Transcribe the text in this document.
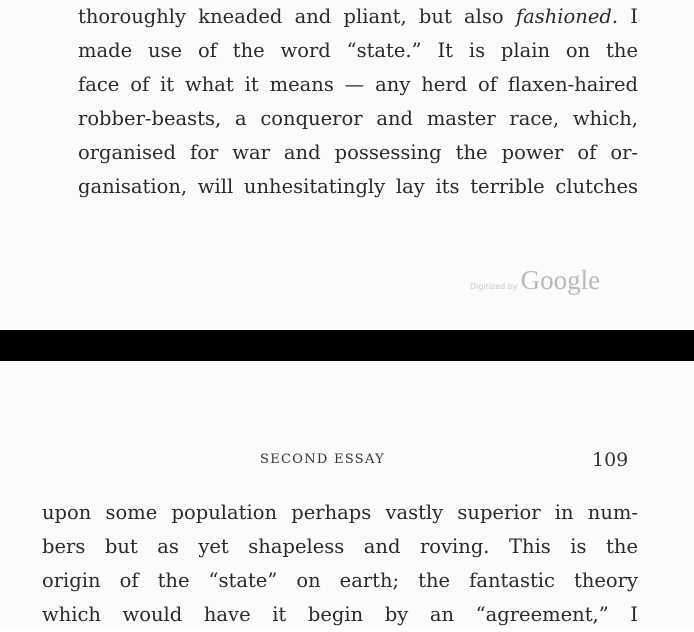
thoroughly kneaded and pliant, but also fashioned. I
made use of the word “state.” It is plain on the
face of it what it means — any herd of flaxen-haired
robber-beasts, a conqueror and master race, which,
organised for war and possessing the power of or-
ganisation, will unhesitatingly lay its terrible clutches
Digitized by Google
SECOND ESSAY	109
upon some population perhaps vastly superior in num-
bers but as yet shapeless and roving. This is the
origin of the “state” on earth; the fantastic theory
which would have it begin by an “agreement,” I
